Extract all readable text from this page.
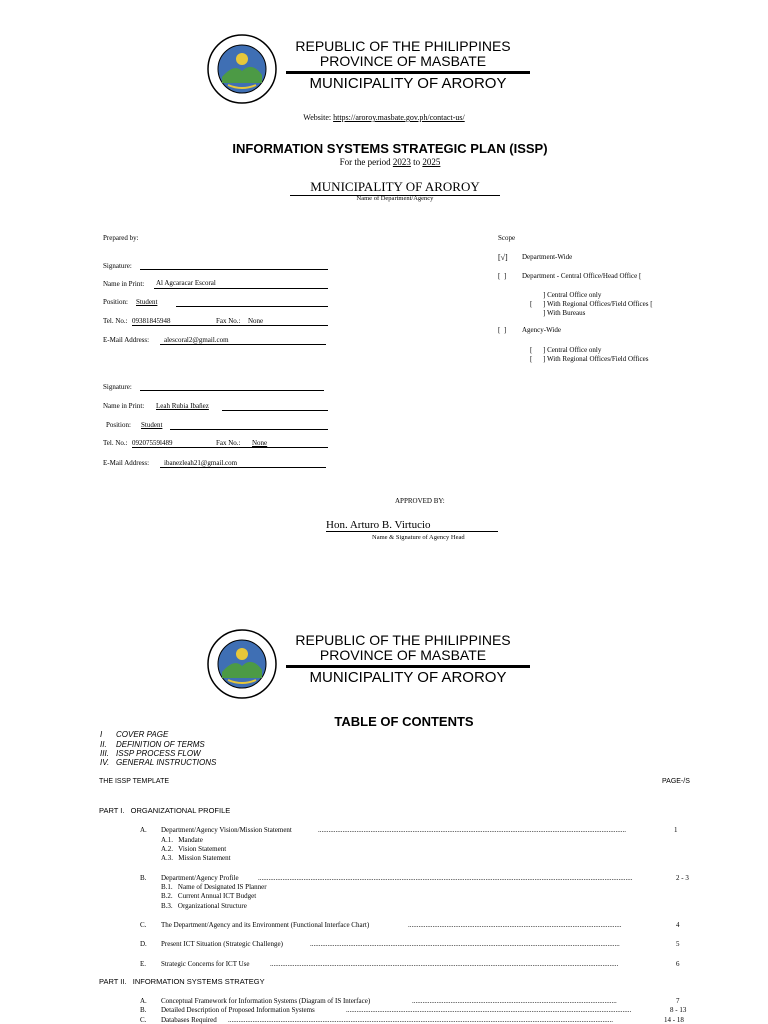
REPUBLIC OF THE PHILIPPINES
PROVINCE OF MASBATE
MUNICIPALITY OF AROROY
Website: https://aroroy.masbate.gov.ph/contact-us/
INFORMATION SYSTEMS STRATEGIC PLAN (ISSP)
For the period 2023 to 2025
MUNICIPALITY OF AROROY
Name of Department/Agency
Prepared by:
Signature:
Name in Print: Al Agcaracar Escoral
Position: Student
Tel. No.: 09381845948	Fax No.: None
E-Mail Address: alescoral2@gmail.com
Signature:
Name in Print: Leah Rubia Ibañez
Position: Student
Tel. No.: 09207559l489	Fax No.: None
E-Mail Address: ibanezleah21@gmail.com
Scope
[√] Department-Wide
[  ] Department - Central Office/Head Office [
] Central Office only
[ ] With Regional Offices/Field Offices [
] With Bureaus
[  ] Agency-Wide
[ ] Central Office only
[ ] With Regional Offices/Field Offices
APPROVED BY:
Hon. Arturo B. Virtucio
Name & Signature of Agency Head
REPUBLIC OF THE PHILIPPINES
PROVINCE OF MASBATE
MUNICIPALITY OF AROROY
TABLE OF CONTENTS
I COVER PAGE
II. DEFINITION OF TERMS
III. ISSP PROCESS FLOW
IV. GENERAL INSTRUCTIONS
THE ISSP TEMPLATE	PAGE-/S
PART I.   ORGANIZATIONAL PROFILE
A. Department/Agency Vision/Mission Statement	................................................................................................................................................................................	1
A.1.   Mandate
A.2.   Vision Statement
A.3.   Mission Statement
B. Department/Agency Profile	......................................................................................................................................................................................................................	2 - 3
B.1.   Name of Designated IS Planner
B.2.   Current Annual ICT Budget
B.3.   Organizational Structure
C. The Department/Agency and its Environment (Functional Interface Chart)	..........................................................................................................................	4
D. Present ICT Situation (Strategic Challenge)	.................................................................................................................................................................................	5
E. Strategic Concerns for ICT Use	.......................................................................................................................................................................................................	6
PART II.   INFORMATION SYSTEMS STRATEGY
A. Conceptual Framework for Information Systems (Diagram of IS Interface)	.....................................................................................................................	7
B. Detailed Description of Proposed Information Systems	...................................................................................................................................................................	8 - 13
C. Databases Required ............................................................................................................................................................................................................................	14 - 18
